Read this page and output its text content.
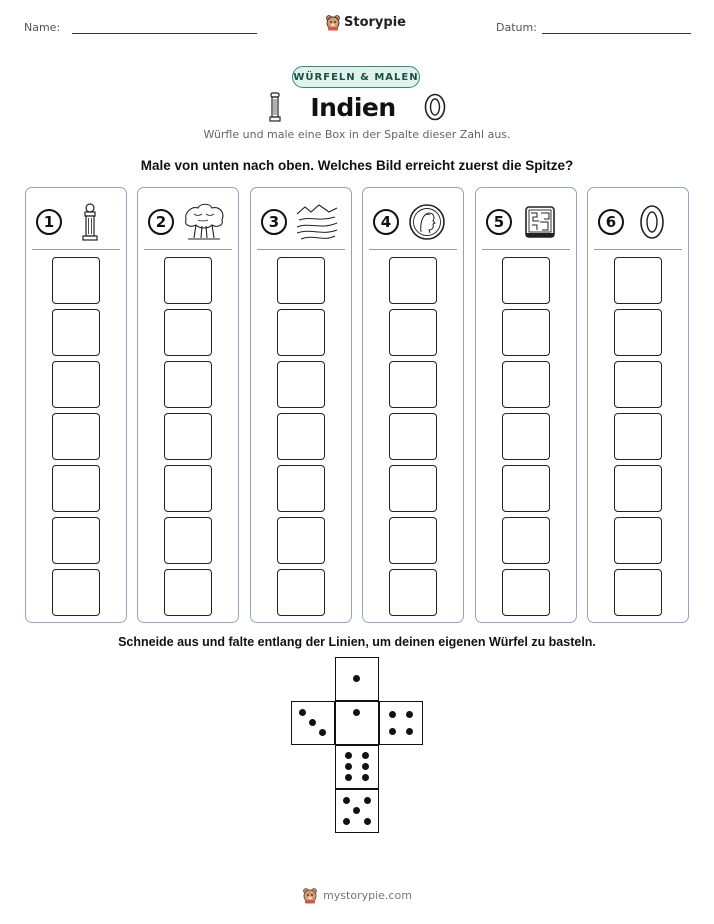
Name:	Storypie	Datum:
WÜRFELN & MALEN
Indien
Würfle und male eine Box in der Spalte dieser Zahl aus.
Male von unten nach oben. Welches Bild erreicht zuerst die Spitze?
1	2	3	4	5	6
Schneide aus und falte entlang der Linien, um deinen eigenen Würfel zu basteln.
mystorypie.com
